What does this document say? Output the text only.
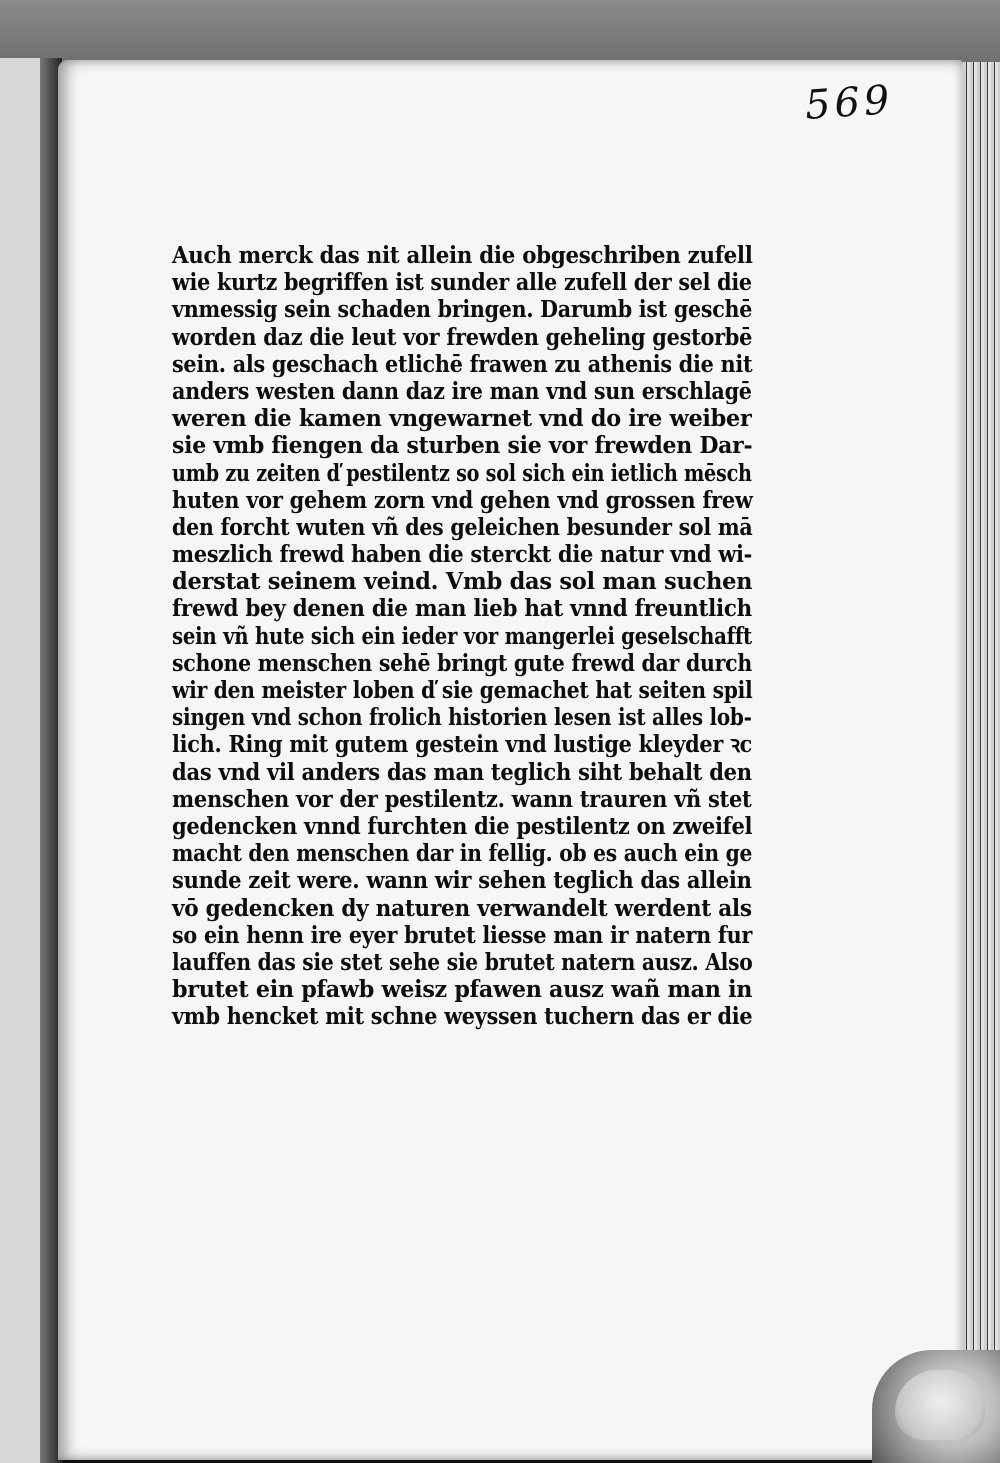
569
Auch merck das nit allein die obgeschriben zufell
wie kurtz begriffen ist sunder alle zufell der sel die
vnmessig sein schaden bringen. Darumb ist geschē
worden daz die leut vor frewden geheling gestorbē
sein. als geschach etlichē frawen zu athenis die nit
anders westen dann daz ire man vnd sun erschlagē
weren die kamen vngewarnet vnd do ire weiber
sie vmb fiengen da sturben sie vor frewden Dar-
umb zu zeiten ď pestilentz so sol sich ein ietlich mēsch
huten vor gehem zorn vnd gehen vnd grossen frew
den forcht wuten vñ des geleichen besunder sol mā
meszlich frewd haben die sterckt die natur vnd wi-
derstat seinem veind. Vmb das sol man suchen
frewd bey denen die man lieb hat vnnd freuntlich
sein vñ hute sich ein ieder vor mangerlei geselschafft
schone menschen sehē bringt gute frewd dar durch
wir den meister loben ď sie gemachet hat seiten spil
singen vnd schon frolich historien lesen ist alles lob-
lich. Ring mit gutem gestein vnd lustige kleyder ꝛc
das vnd vil anders das man teglich siht behalt den
menschen vor der pestilentz. wann trauren vñ stet
gedencken vnnd furchten die pestilentz on zweifel
macht den menschen dar in fellig. ob es auch ein ge
sunde zeit were. wann wir sehen teglich das allein
vō gedencken dy naturen verwandelt werdent als
so ein henn ire eyer brutet liesse man ir natern fur
lauffen das sie stet sehe sie brutet natern ausz. Also
brutet ein pfawb weisz pfawen ausz wañ man in
vmb hencket mit schne weyssen tuchern das er die
